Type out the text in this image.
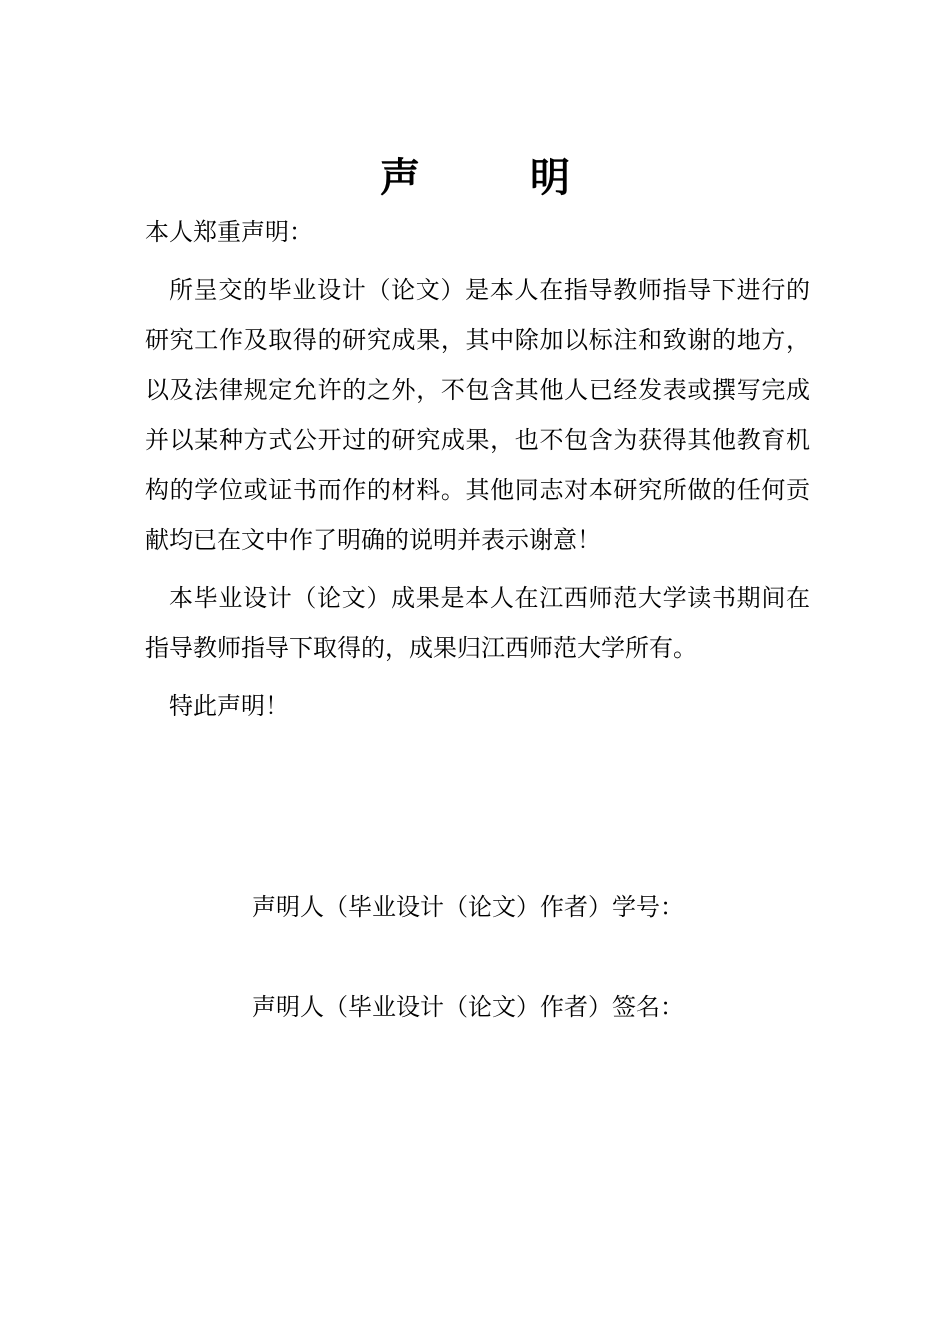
声	明

本人郑重声明：

所呈交的毕业设计（论文）是本人在指导教师指导下进行的研究工作及取得的研究成果，其中除加以标注和致谢的地方，以及法律规定允许的之外，不包含其他人已经发表或撰写完成并以某种方式公开过的研究成果，也不包含为获得其他教育机构的学位或证书而作的材料。其他同志对本研究所做的任何贡献均已在文中作了明确的说明并表示谢意！

本毕业设计（论文）成果是本人在江西师范大学读书期间在指导教师指导下取得的，成果归江西师范大学所有。

特此声明！

声明人（毕业设计（论文）作者）学号：
声明人（毕业设计（论文）作者）签名：
